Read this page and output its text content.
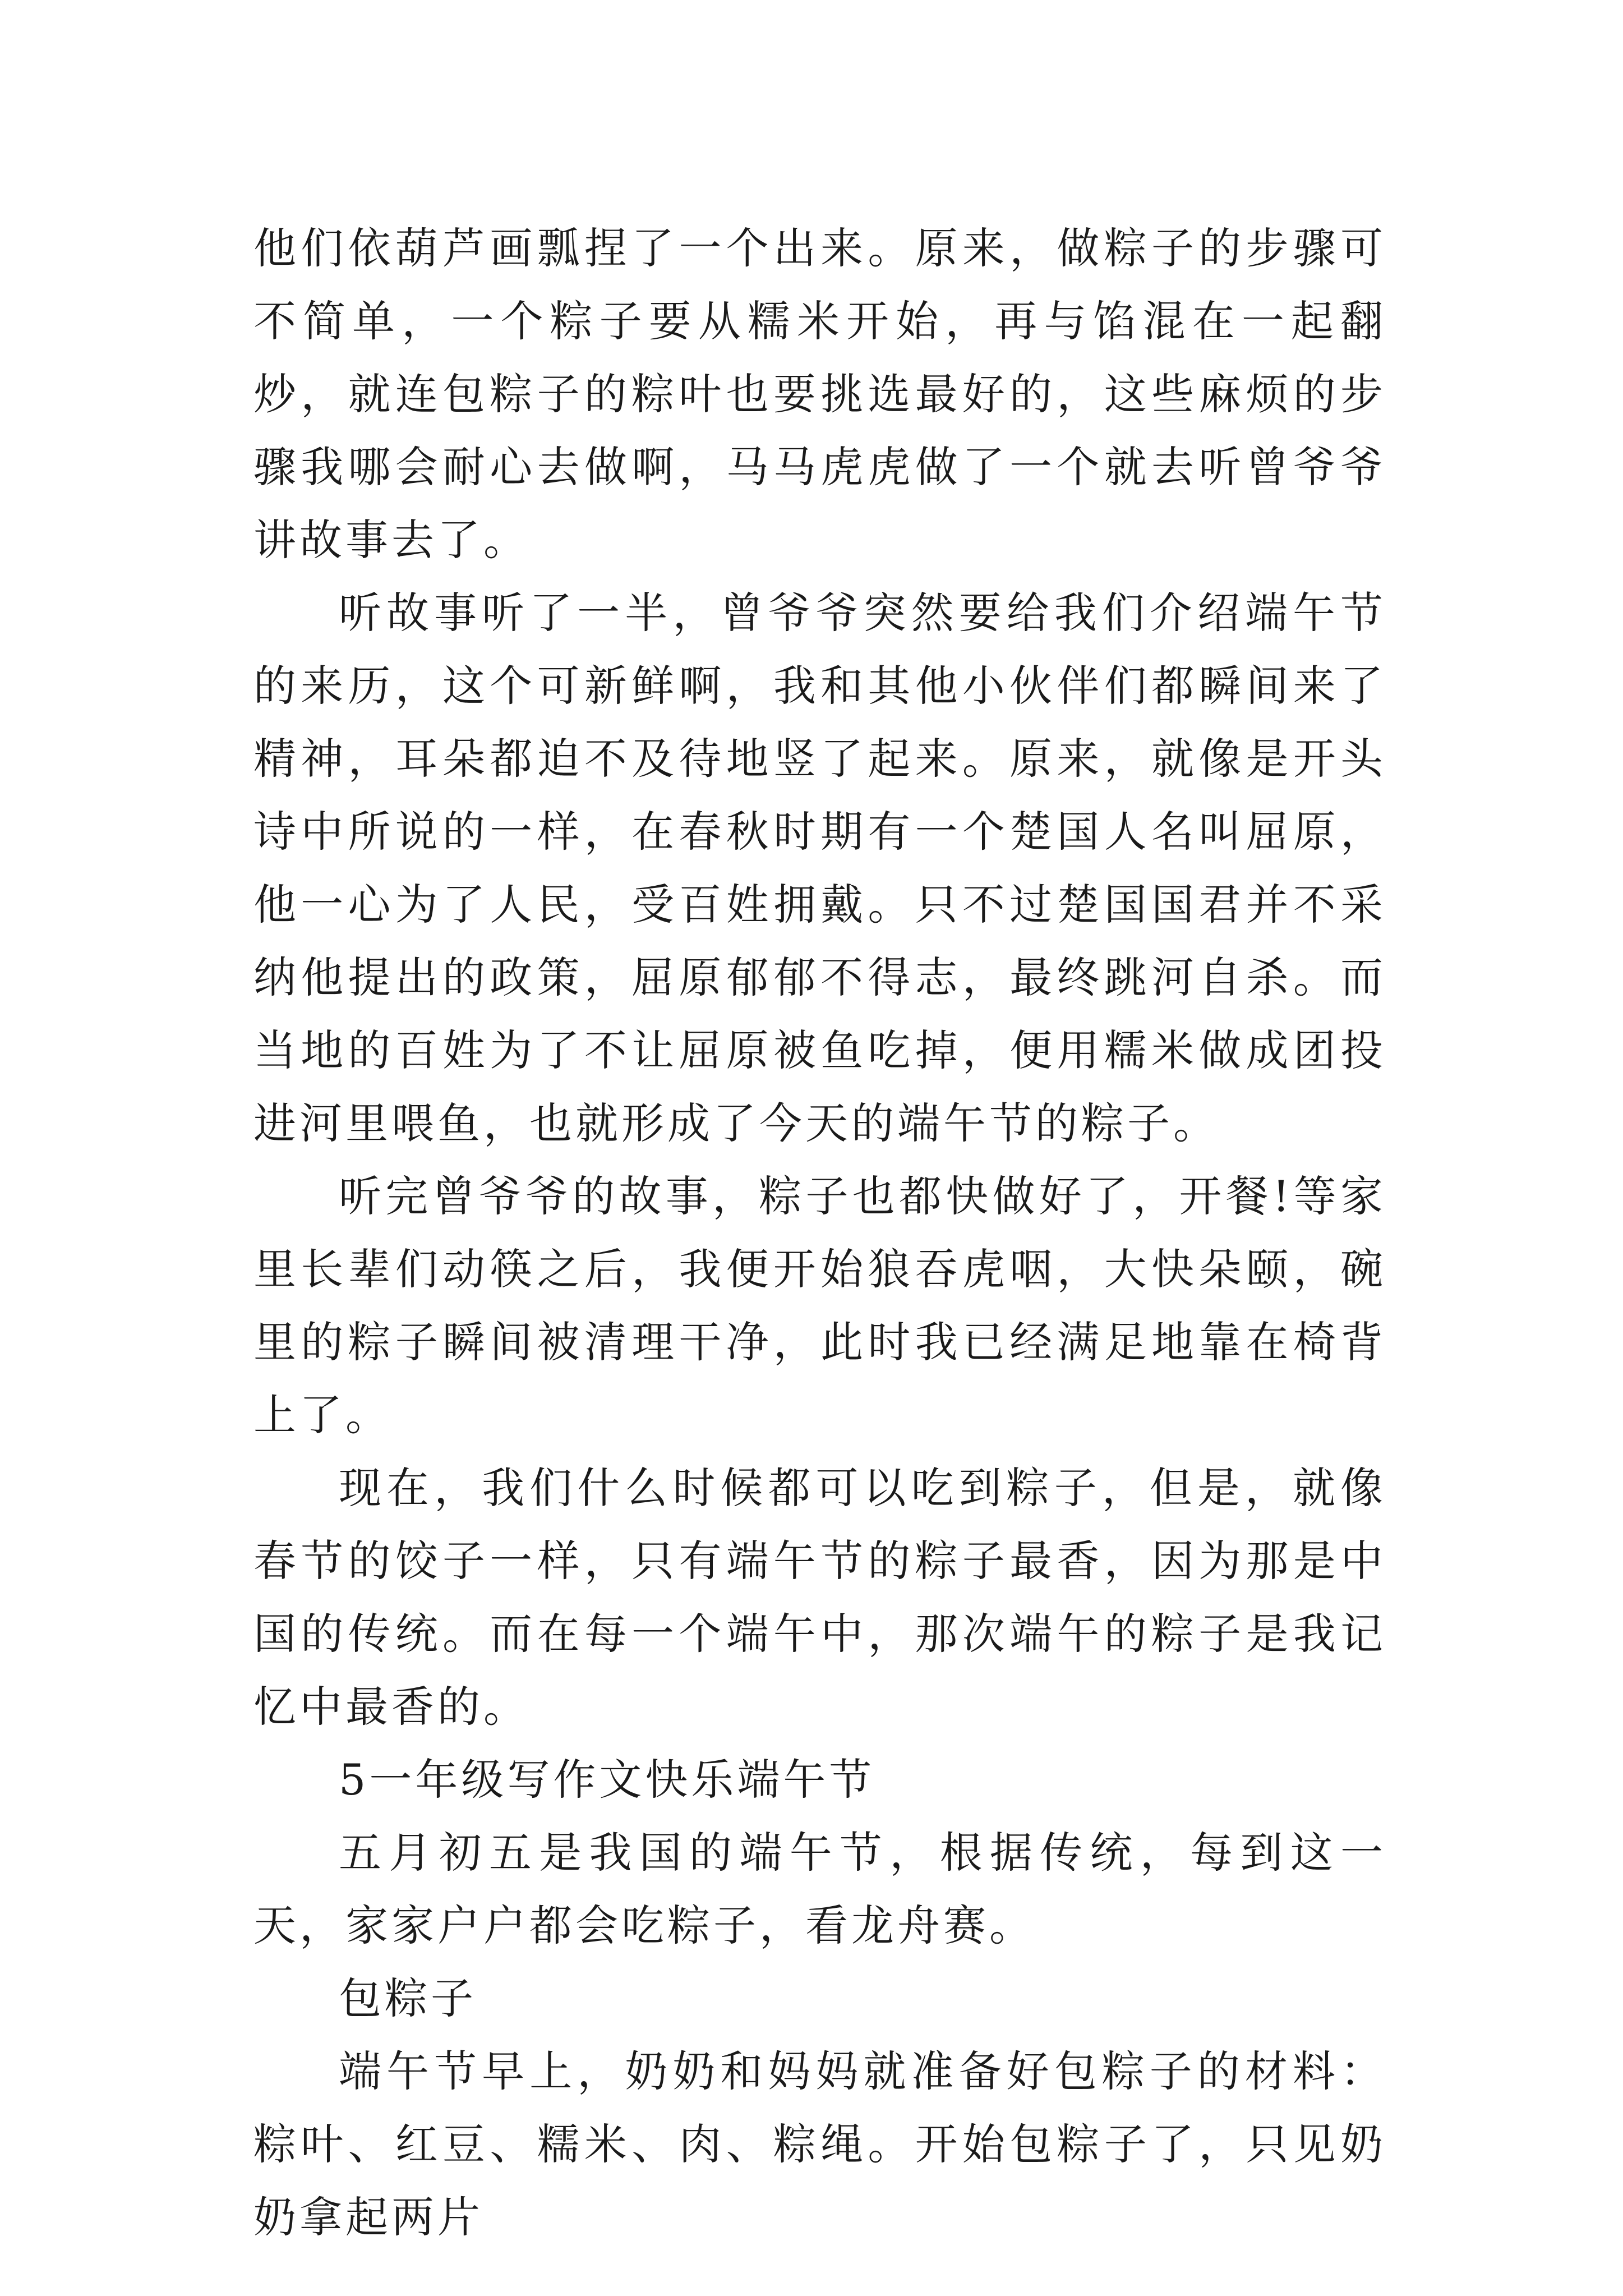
他们依葫芦画瓢捏了一个出来。原来，做粽子的步骤可不简单，一个粽子要从糯米开始，再与馅混在一起翻炒，就连包粽子的粽叶也要挑选最好的，这些麻烦的步骤我哪会耐心去做啊，马马虎虎做了一个就去听曾爷爷讲故事去了。

听故事听了一半，曾爷爷突然要给我们介绍端午节的来历，这个可新鲜啊，我和其他小伙伴们都瞬间来了精神，耳朵都迫不及待地竖了起来。原来，就像是开头诗中所说的一样，在春秋时期有一个楚国人名叫屈原，他一心为了人民，受百姓拥戴。只不过楚国国君并不采纳他提出的政策，屈原郁郁不得志，最终跳河自杀。而当地的百姓为了不让屈原被鱼吃掉，便用糯米做成团投进河里喂鱼，也就形成了今天的端午节的粽子。

听完曾爷爷的故事，粽子也都快做好了，开餐!等家里长辈们动筷之后，我便开始狼吞虎咽，大快朵颐，碗里的粽子瞬间被清理干净，此时我已经满足地靠在椅背上了。

现在，我们什么时候都可以吃到粽子，但是，就像春节的饺子一样，只有端午节的粽子最香，因为那是中国的传统。而在每一个端午中，那次端午的粽子是我记忆中最香的。

5一年级写作文快乐端午节

五月初五是我国的端午节，根据传统，每到这一天，家家户户都会吃粽子，看龙舟赛。

包粽子

端午节早上，奶奶和妈妈就准备好包粽子的材料：粽叶、红豆、糯米、肉、粽绳。开始包粽子了，只见奶奶拿起两片
